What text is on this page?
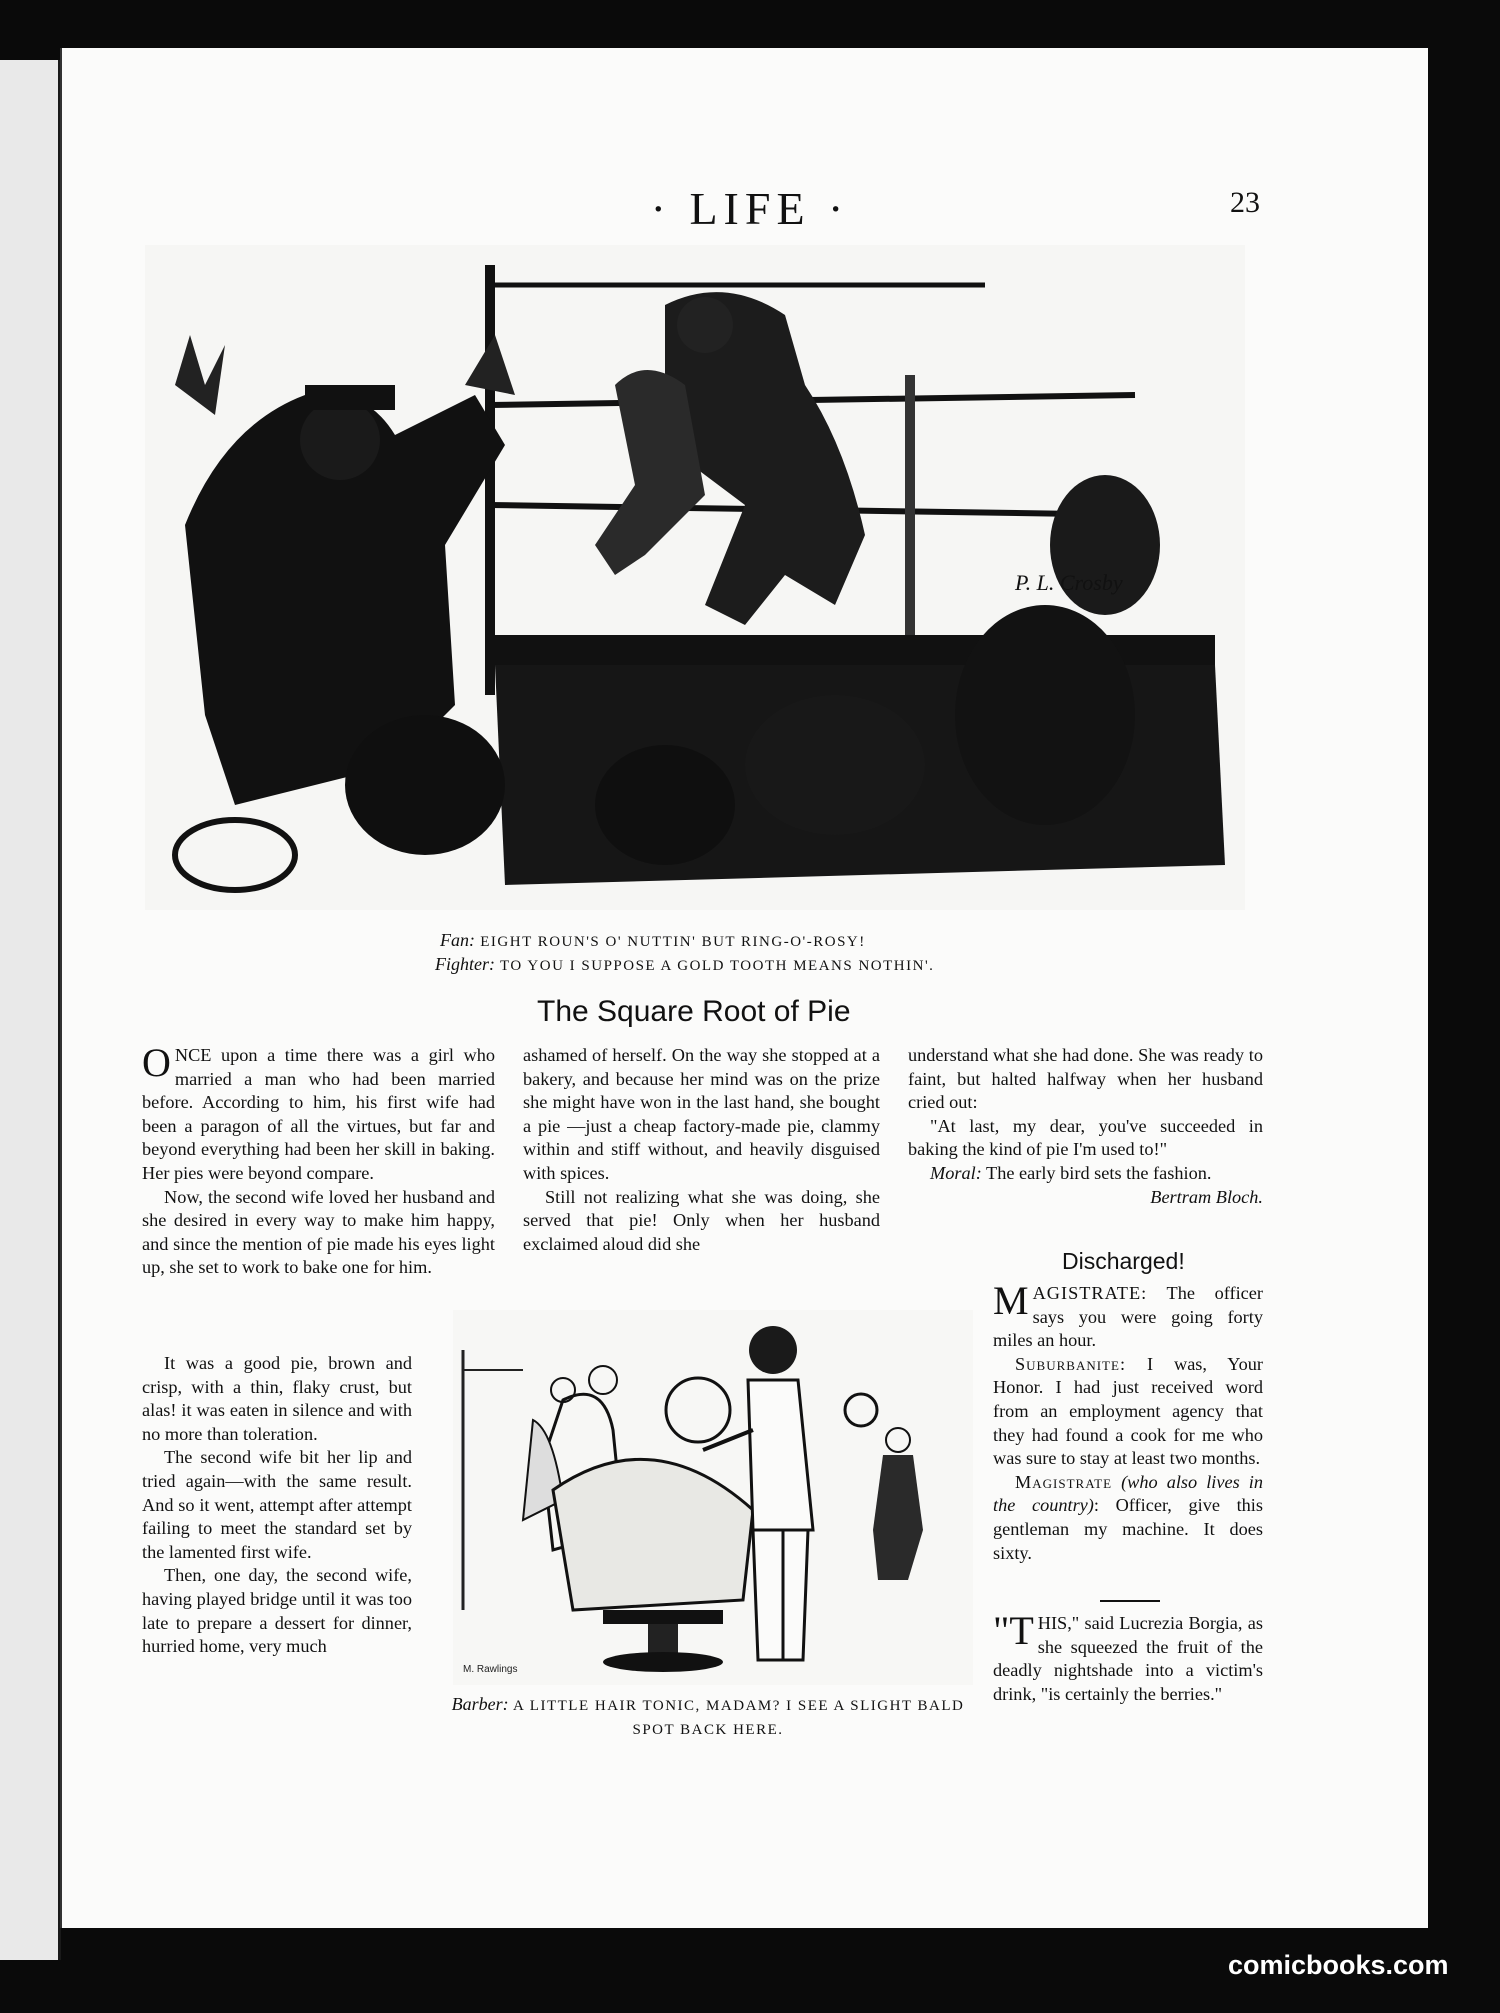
· LIFE ·	23
P. L. Crosby
Fan: EIGHT ROUN'S O' NUTTIN' BUT RING-O'-ROSY!
Fighter: TO YOU I SUPPOSE A GOLD TOOTH MEANS NOTHIN'.
The Square Root of Pie

ONCE upon a time there was a girl who married a man who had been married before. According to him, his first wife had been a paragon of all the virtues, but far and beyond everything had been her skill in baking. Her pies were beyond compare.

Now, the second wife loved her husband and she desired in every way to make him happy, and since the mention of pie made his eyes light up, she set to work to bake one for him.

It was a good pie, brown and crisp, with a thin, flaky crust, but alas! it was eaten in silence and with no more than toleration.

The second wife bit her lip and tried again—with the same result. And so it went, attempt after attempt failing to meet the standard set by the lamented first wife.

Then, one day, the second wife, having played bridge until it was too late to prepare a dessert for dinner, hurried home, very much

ashamed of herself. On the way she stopped at a bakery, and because her mind was on the prize she might have won in the last hand, she bought a pie —just a cheap factory-made pie, clammy within and stiff without, and heavily disguised with spices.

Still not realizing what she was doing, she served that pie! Only when her husband exclaimed aloud did she

understand what she had done. She was ready to faint, but halted halfway when her husband cried out:

"At last, my dear, you've succeeded in baking the kind of pie I'm used to!"

Moral: The early bird sets the fashion.

Bertram Bloch.
Discharged!

MAGISTRATE: The officer says you were going forty miles an hour.

Suburbanite: I was, Your Honor. I had just received word from an employment agency that they had found a cook for me who was sure to stay at least two months.

Magistrate (who also lives in the country): Officer, give this gentleman my machine. It does sixty.

"T HIS," said Lucrezia Borgia, as she squeezed the fruit of the deadly nightshade into a victim's drink, "is certainly the berries."

M. Rawlings
Barber: A LITTLE HAIR TONIC, MADAM? I SEE A SLIGHT BALD SPOT BACK HERE.
comicbooks.com
